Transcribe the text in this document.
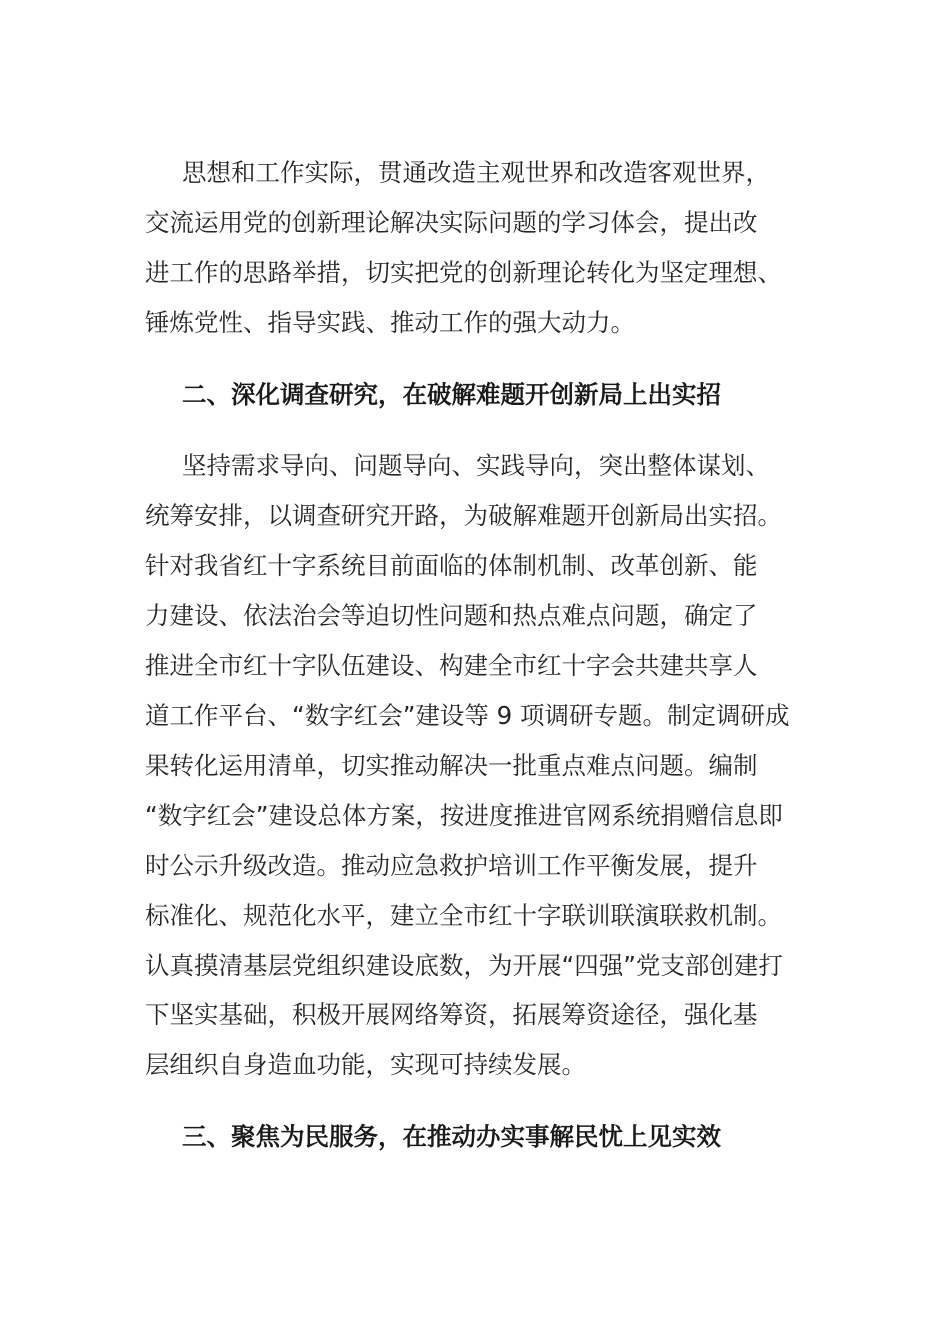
思想和工作实际，贯通改造主观世界和改造客观世界，
交流运用党的创新理论解决实际问题的学习体会，提出改
进工作的思路举措，切实把党的创新理论转化为坚定理想、
锤炼党性、指导实践、推动工作的强大动力。
二、深化调查研究，在破解难题开创新局上出实招
坚持需求导向、问题导向、实践导向，突出整体谋划、
统筹安排，以调查研究开路，为破解难题开创新局出实招。
针对我省红十字系统目前面临的体制机制、改革创新、能
力建设、依法治会等迫切性问题和热点难点问题，确定了
推进全市红十字队伍建设、构建全市红十字会共建共享人
道工作平台、“数字红会”建设等 9 项调研专题。制定调研成
果转化运用清单，切实推动解决一批重点难点问题。编制
“数字红会”建设总体方案，按进度推进官网系统捐赠信息即
时公示升级改造。推动应急救护培训工作平衡发展，提升
标准化、规范化水平，建立全市红十字联训联演联救机制。
认真摸清基层党组织建设底数，为开展“四强”党支部创建打
下坚实基础，积极开展网络筹资，拓展筹资途径，强化基
层组织自身造血功能，实现可持续发展。
三、聚焦为民服务，在推动办实事解民忧上见实效
